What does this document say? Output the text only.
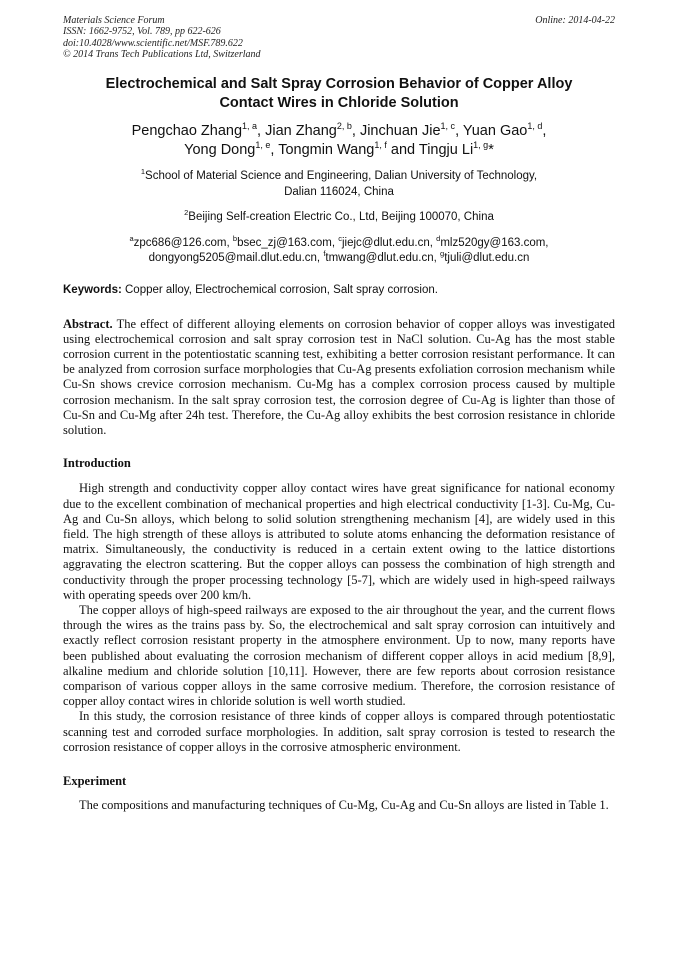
Materials Science Forum
ISSN: 1662-9752, Vol. 789, pp 622-626
doi:10.4028/www.scientific.net/MSF.789.622
© 2014 Trans Tech Publications Ltd, Switzerland
Online: 2014-04-22
Electrochemical and Salt Spray Corrosion Behavior of Copper Alloy
Contact Wires in Chloride Solution
Pengchao Zhang$^{1, a}$, Jian Zhang$^{2, b}$, Jinchuan Jie$^{1, c}$, Yuan Gao$^{1, d}$,
Yong Dong$^{1, e}$, Tongmin Wang$^{1, f}$ and Tingju Li$^{1, g}$*
$^1$School of Material Science and Engineering, Dalian University of Technology,
Dalian 116024, China
$^2$Beijing Self-creation Electric Co., Ltd, Beijing 100070, China
$^a$zpc686@126.com, $^b$bsec_zj@163.com, $^c$jiejc@dlut.edu.cn, $^d$mlz520gy@163.com,
dongyong5205@mail.dlut.edu.cn, $^f$tmwang@dlut.edu.cn, $^g$tjuli@dlut.edu.cn
Keywords: Copper alloy, Electrochemical corrosion, Salt spray corrosion.
Abstract. The effect of different alloying elements on corrosion behavior of copper alloys was investigated using electrochemical corrosion and salt spray corrosion test in NaCl solution. Cu-Ag has the most stable corrosion current in the potentiostatic scanning test, exhibiting a better corrosion resistant performance. It can be analyzed from corrosion surface morphologies that Cu-Ag presents exfoliation corrosion mechanism while Cu-Sn shows crevice corrosion mechanism. Cu-Mg has a complex corrosion process caused by multiple corrosion mechanism. In the salt spray corrosion test, the corrosion degree of Cu-Ag is lighter than those of Cu-Sn and Cu-Mg after 24h test. Therefore, the Cu-Ag alloy exhibits the best corrosion resistance in chloride solution.
Introduction
High strength and conductivity copper alloy contact wires have great significance for national economy due to the excellent combination of mechanical properties and high electrical conductivity [1-3]. Cu-Mg, Cu-Ag and Cu-Sn alloys, which belong to solid solution strengthening mechanism [4], are widely used in this field. The high strength of these alloys is attributed to solute atoms enhancing the deformation resistance of matrix. Simultaneously, the conductivity is reduced in a certain extent owing to the lattice distortions aggravating the electron scattering. But the copper alloys can possess the combination of high strength and conductivity through the proper processing technology [5-7], which are widely used in high-speed railways with operating speeds over 200 km/h.
The copper alloys of high-speed railways are exposed to the air throughout the year, and the current flows through the wires as the trains pass by. So, the electrochemical and salt spray corrosion can intuitively and exactly reflect corrosion resistant property in the atmosphere environment. Up to now, many reports have been published about evaluating the corrosion mechanism of different copper alloys in acid medium [8,9], alkaline medium and chloride solution [10,11]. However, there are few reports about corrosion resistance comparison of various copper alloys in the same corrosive medium. Therefore, the corrosion resistance of copper alloy contact wires in chloride solution is well worth studied.
In this study, the corrosion resistance of three kinds of copper alloys is compared through potentiostatic scanning test and corroded surface morphologies. In addition, salt spray corrosion is tested to research the corrosion resistance of copper alloys in the corrosive atmospheric environment.
Experiment
The compositions and manufacturing techniques of Cu-Mg, Cu-Ag and Cu-Sn alloys are listed in Table 1.
